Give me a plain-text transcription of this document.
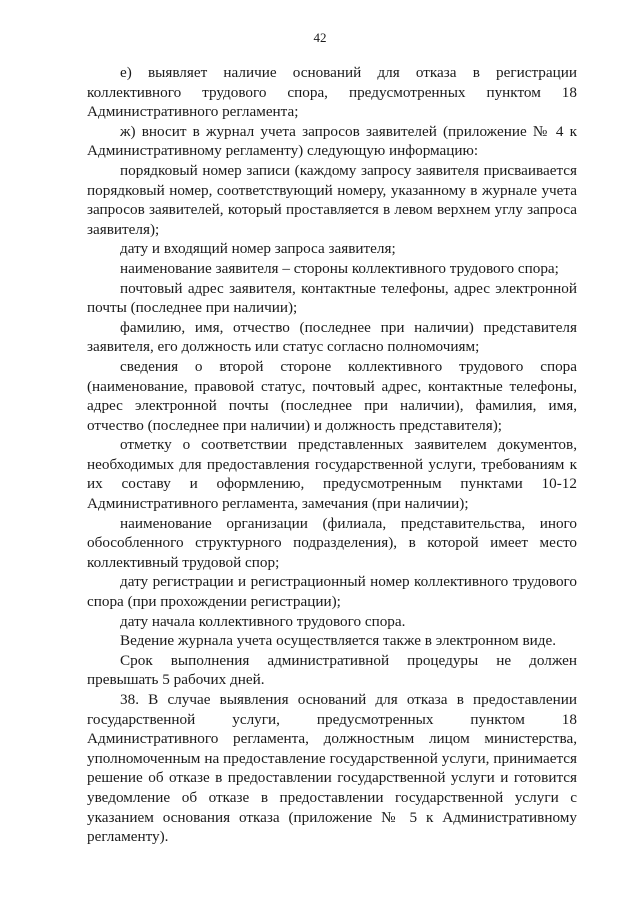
42

е) выявляет наличие оснований для отказа в регистрации коллективного трудового спора, предусмотренных пунктом 18 Административного регламента;

ж) вносит в журнал учета запросов заявителей (приложение № 4 к Административному регламенту) следующую информацию:

порядковый номер записи (каждому запросу заявителя присваивается порядковый номер, соответствующий номеру, указанному в журнале учета запросов заявителей, который проставляется в левом верхнем углу запроса заявителя);

дату и входящий номер запроса заявителя;

наименование заявителя – стороны коллективного трудового спора;

почтовый адрес заявителя, контактные телефоны, адрес электронной почты (последнее при наличии);

фамилию, имя, отчество (последнее при наличии) представителя заявителя, его должность или статус согласно полномочиям;

сведения о второй стороне коллективного трудового спора (наименование, правовой статус, почтовый адрес, контактные телефоны, адрес электронной почты (последнее при наличии), фамилия, имя, отчество (последнее при наличии) и должность представителя);

отметку о соответствии представленных заявителем документов, необходимых для предоставления государственной услуги, требованиям к их составу и оформлению, предусмотренным пунктами 10-12 Административного регламента, замечания (при наличии);

наименование организации (филиала, представительства, иного обособленного структурного подразделения), в которой имеет место коллективный трудовой спор;

дату регистрации и регистрационный номер коллективного трудового спора (при прохождении регистрации);

дату начала коллективного трудового спора.

Ведение журнала учета осуществляется также в электронном виде.

Срок выполнения административной процедуры не должен превышать 5 рабочих дней.

38. В случае выявления оснований для отказа в предоставлении государственной услуги, предусмотренных пунктом 18 Административного регламента, должностным лицом министерства, уполномоченным на предоставление государственной услуги, принимается решение об отказе в предоставлении государственной услуги и готовится уведомление об отказе в предоставлении государственной услуги с указанием основания отказа (приложение № 5 к Административному регламенту).
